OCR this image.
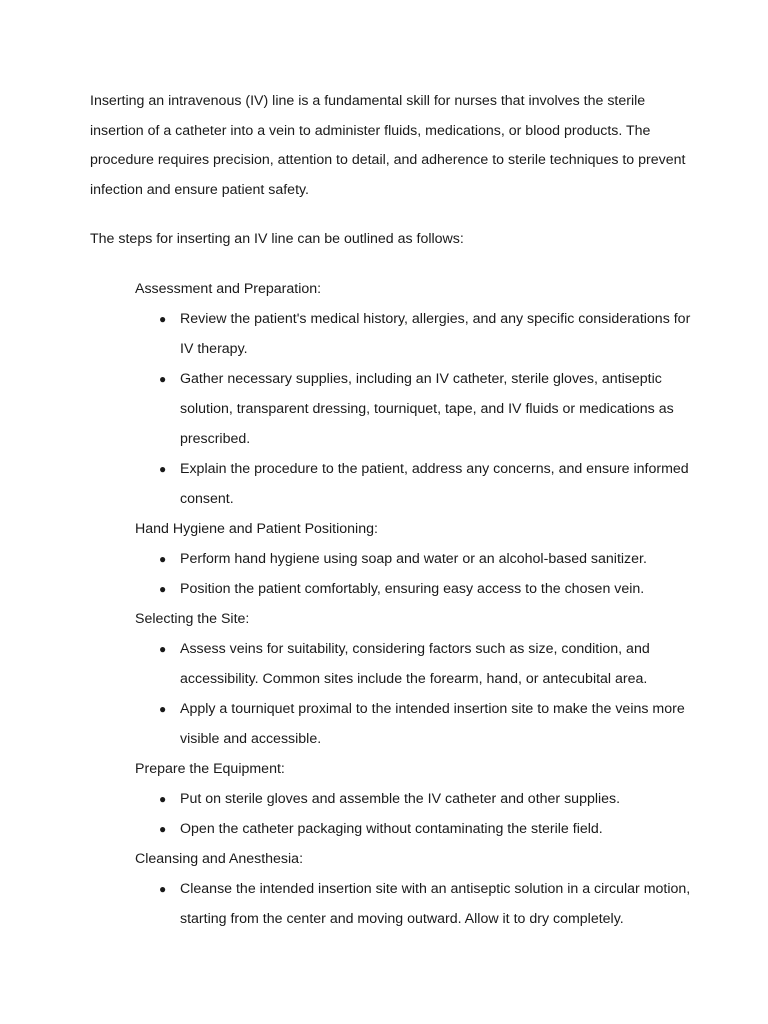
Inserting an intravenous (IV) line is a fundamental skill for nurses that involves the sterile insertion of a catheter into a vein to administer fluids, medications, or blood products. The procedure requires precision, attention to detail, and adherence to sterile techniques to prevent infection and ensure patient safety.

The steps for inserting an IV line can be outlined as follows:

Assessment and Preparation:

● Review the patient's medical history, allergies, and any specific considerations for IV therapy.
● Gather necessary supplies, including an IV catheter, sterile gloves, antiseptic solution, transparent dressing, tourniquet, tape, and IV fluids or medications as prescribed.
● Explain the procedure to the patient, address any concerns, and ensure informed consent.

Hand Hygiene and Patient Positioning:

● Perform hand hygiene using soap and water or an alcohol-based sanitizer.
● Position the patient comfortably, ensuring easy access to the chosen vein.

Selecting the Site:

● Assess veins for suitability, considering factors such as size, condition, and accessibility. Common sites include the forearm, hand, or antecubital area.
● Apply a tourniquet proximal to the intended insertion site to make the veins more visible and accessible.

Prepare the Equipment:

● Put on sterile gloves and assemble the IV catheter and other supplies.
● Open the catheter packaging without contaminating the sterile field.

Cleansing and Anesthesia:

● Cleanse the intended insertion site with an antiseptic solution in a circular motion, starting from the center and moving outward. Allow it to dry completely.
